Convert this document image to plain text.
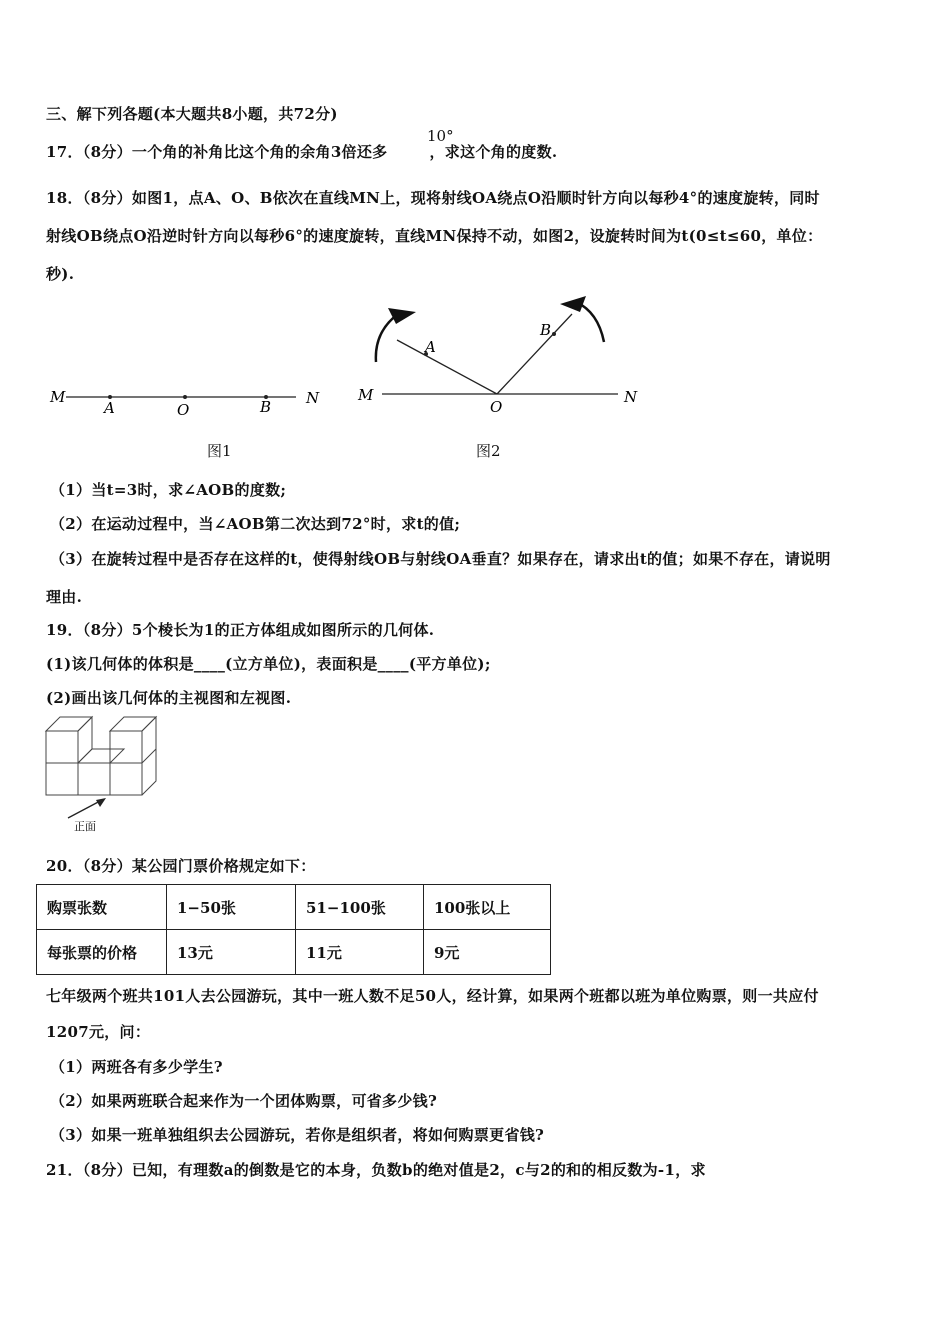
三、解下列各题(本大题共8小题，共72分)
17．（8分）一个角的补角比这个角的余角3倍还多	，求这个角的度数.
10°
18．（8分）如图1，点A、O、B依次在直线MN上，现将射线OA绕点O沿顺时针方向以每秒4°的速度旋转，同时
射线OB绕点O沿逆时针方向以每秒6°的速度旋转，直线MN保持不动，如图2，设旋转时间为t(0≤t≤60，单位：
秒).
M
A	O	B N
图1
M
A
O
B
N
图2
（1）当t=3时，求∠AOB的度数;
（2）在运动过程中，当∠AOB第二次达到72°时，求t的值;
（3）在旋转过程中是否存在这样的t，使得射线OB与射线OA垂直？如果存在，请求出t的值；如果不存在，请说明
理由.
19．（8分）5个棱长为1的正方体组成如图所示的几何体.
(1)该几何体的体积是____(立方单位)，表面积是____(平方单位);
(2)画出该几何体的主视图和左视图.
正面
20．（8分）某公园门票价格规定如下：
购票张数	1−50张	51−100张	100张以上
每张票的价格	13元	11元	9元
七年级两个班共101人去公园游玩，其中一班人数不足50人，经计算，如果两个班都以班为单位购票，则一共应付
1207元，问：
（1）两班各有多少学生?
（2）如果两班联合起来作为一个团体购票，可省多少钱?
（3）如果一班单独组织去公园游玩，若你是组织者，将如何购票更省钱?
21．（8分）已知，有理数a的倒数是它的本身，负数b的绝对值是2，c与2的和的相反数为-1，求
